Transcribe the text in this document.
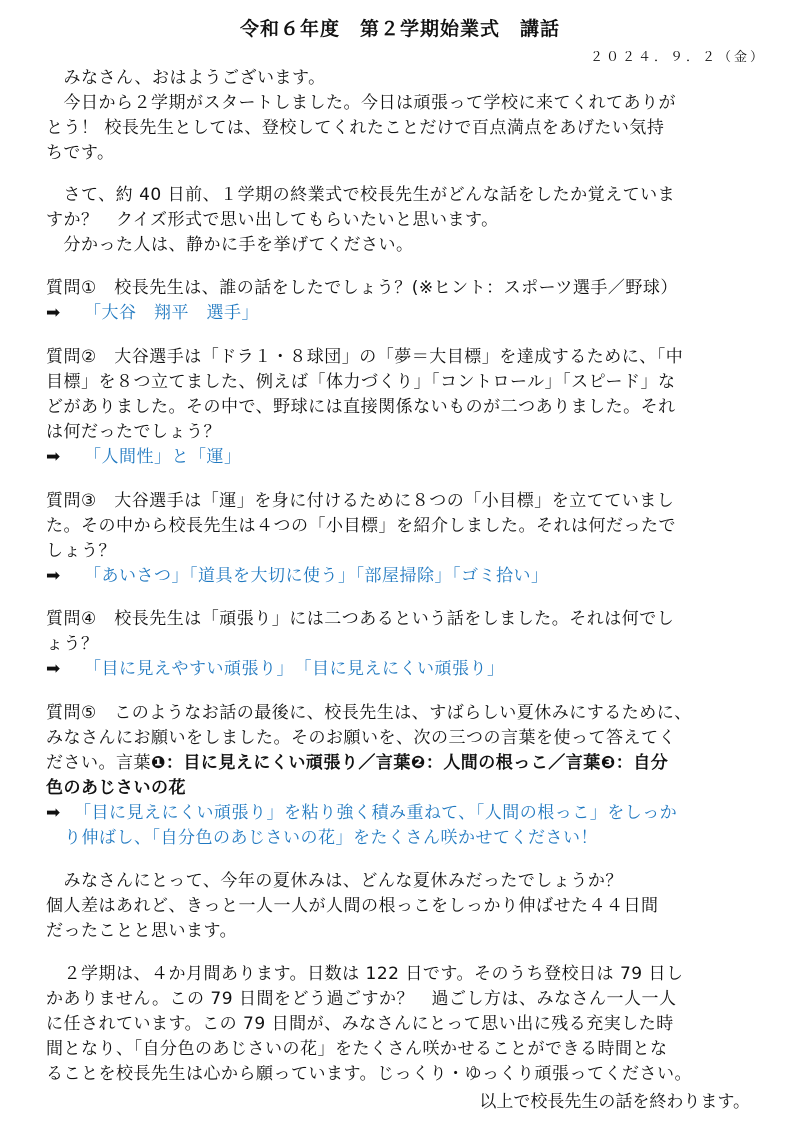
令和６年度　第２学期始業式　講話
２０２４．９．２（金）
　みなさん、おはようございます。
　今日から２学期がスタートしました。今日は頑張って学校に来てくれてありが
とう！ 校長先生としては、登校してくれたことだけで百点満点をあげたい気持
ちです。
　さて、約 40 日前、１学期の終業式で校長先生がどんな話をしたか覚えていま
すか？　クイズ形式で思い出してもらいたいと思います。
　分かった人は、静かに手を挙げてください。
質問①　校長先生は、誰の話をしたでしょう？(※ヒント：スポーツ選手／野球）
➡ 「大谷　翔平　選手」
質問②　大谷選手は「ドラ１・８球団」の「夢＝大目標」を達成するために、「中
目標」を８つ立てました、例えば「体力づくり」「コントロール」「スピード」な
どがありました。その中で、野球には直接関係ないものが二つありました。それ
は何だったでしょう？
➡ 「人間性」と「運」
質問③　大谷選手は「運」を身に付けるために８つの「小目標」を立てていまし
た。その中から校長先生は４つの「小目標」を紹介しました。それは何だったで
しょう？
➡ 「あいさつ」「道具を大切に使う」「部屋掃除」「ゴミ拾い」
質問④　校長先生は「頑張り」には二つあるという話をしました。それは何でし
ょう？
➡ 「目に見えやすい頑張り」　「目に見えにくい頑張り」
質問⑤　このようなお話の最後に、校長先生は、すばらしい夏休みにするために、
みなさんにお願いをしました。そのお願いを、次の三つの言葉を使って答えてく
ださい。言葉❶：目に見えにくい頑張り／言葉❷：人間の根っこ／言葉❸：自分
色のあじさいの花
➡ 「目に見えにくい頑張り」を粘り強く積み重ねて、「人間の根っこ」をしっか
り伸ばし、「自分色のあじさいの花」をたくさん咲かせてください！
　みなさんにとって、今年の夏休みは、どんな夏休みだったでしょうか？
個人差はあれど、きっと一人一人が人間の根っこをしっかり伸ばせた４４日間
だったことと思います。
　２学期は、４か月間あります。日数は 122 日です。そのうち登校日は 79 日し
かありません。この 79 日間をどう過ごすか？　過ごし方は、みなさん一人一人
に任されています。この 79 日間が、みなさんにとって思い出に残る充実した時
間となり、「自分色のあじさいの花」をたくさん咲かせることができる時間とな
ることを校長先生は心から願っています。じっくり・ゆっくり頑張ってください。
以上で校長先生の話を終わります。
